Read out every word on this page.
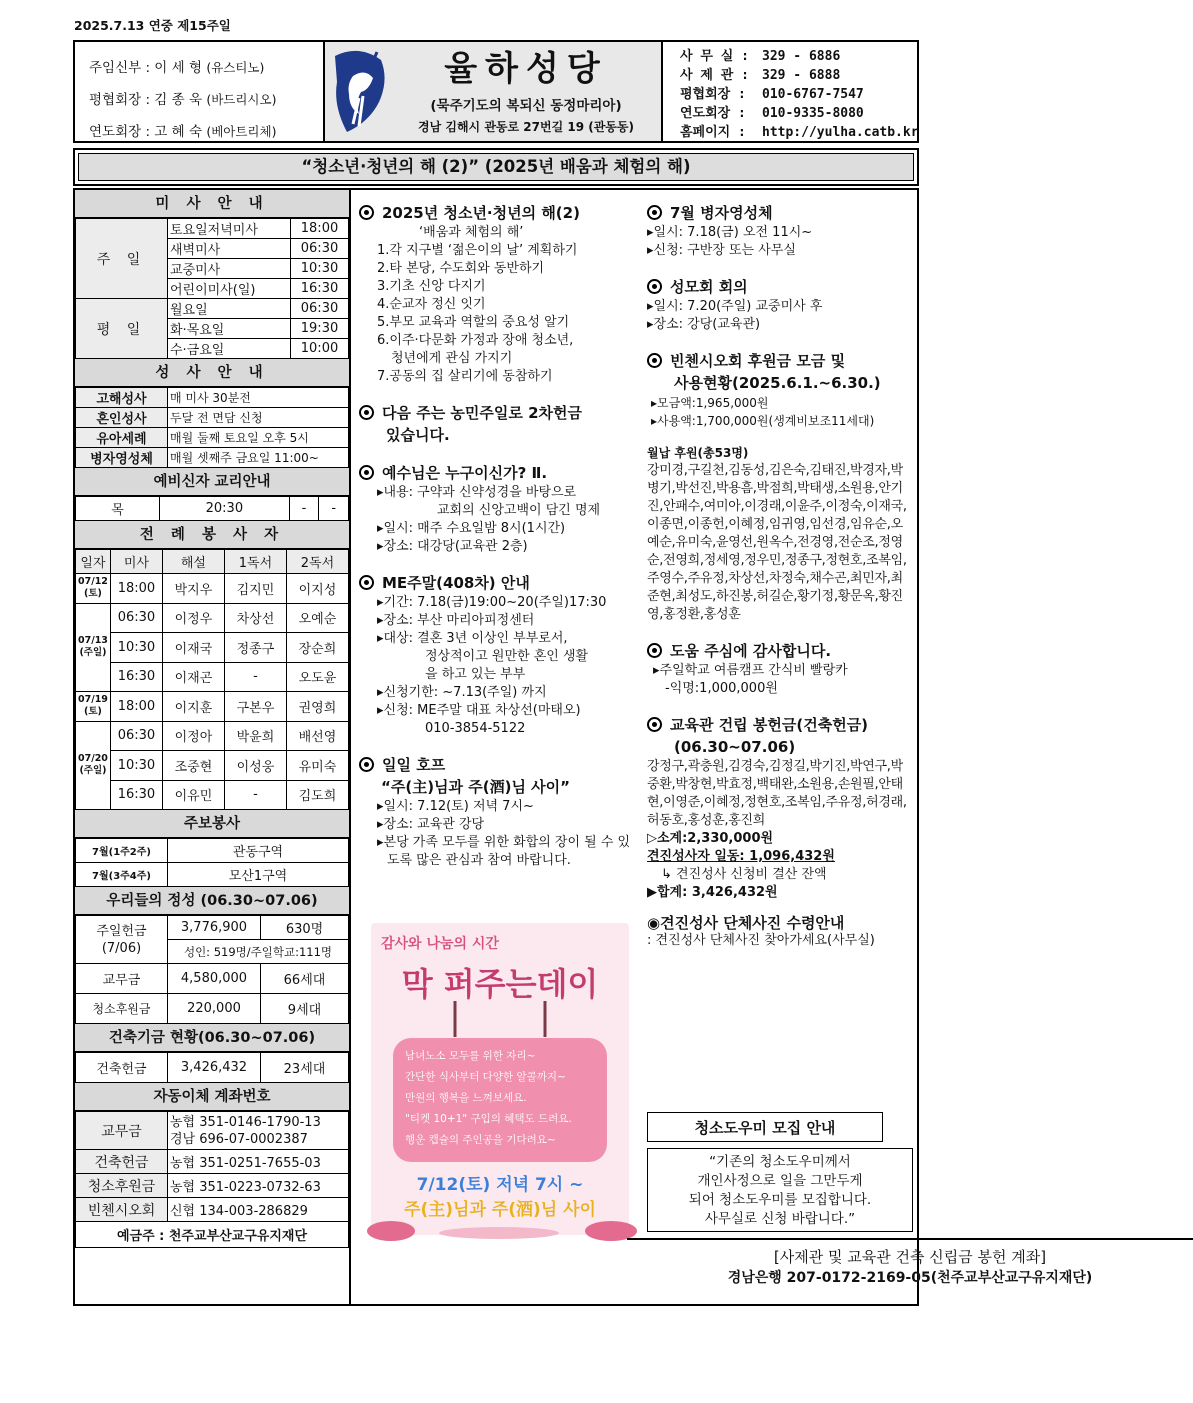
2025.7.13 연중 제15주일
주임신부 : 이 세 형 (유스티노)
평협회장 : 김 종 욱 (바드리시오)
연도회장 : 고 혜 숙 (베아트리체)
율하성당
(묵주기도의 복되신 동정마리아)
경남 김해시 관동로 27번길 19 (관동동)
사 무 실 : 329 - 6886
사 제 관 : 329 - 6888
평협회장 : 010-6767-7547
연도회장 : 010-9335-8080
홈페이지 : http://yulha.catb.kr
“청소년·청년의 해 (2)” (2025년 배움과 체험의 해)
미 사 안 내
주 일	토요일저녁미사	18:00
	새벽미사	06:30
	교중미사	10:30
	어린이미사(일)	16:30
평 일	월요일	06:30
	화·목요일	19:30
	수·금요일	10:00
성 사 안 내
고해성사	매 미사 30분전
혼인성사	두달 전 면담 신청
유아세례	매월 둘째 토요일 오후 5시
병자영성체	매월 셋째주 금요일 11:00~
예비신자 교리안내
목	20:30	-	-
전 례 봉 사 자
일자	미사	해설	1독서	2독서
07/12 (토)	18:00	박지우	김지민	이지성
07/13 (주일)	06:30	이정우	차상선	오예순
	10:30	이재국	정종구	장순희
	16:30	이재곤	-	오도윤
07/19 (토)	18:00	이지훈	구본우	권영희
07/20 (주일)	06:30	이정아	박윤희	배선영
	10:30	조중현	이성웅	유미숙
	16:30	이유민	-	김도희
주보봉사
7월(1주2주)	관동구역
7월(3주4주)	모산1구역
우리들의 정성 (06.30~07.06)
주일헌금
(7/06)	3,776,900	630명
	성인: 519명/주일학교:111명	
교무금	4,580,000	66세대
청소후원금	220,000	9세대
건축기금 현황(06.30~07.06)
건축헌금	3,426,432	23세대
자동이체 계좌번호
교무금	농협 351-0146-1790-13
경남 696-07-0002387
건축헌금	농협 351-0251-7655-03
청소후원금	농협 351-0223-0732-63
빈첸시오회	신협 134-003-286829
예금주 : 천주교부산교구유지재단	
2025년 청소년·청년의 해(2)
‘배움과 체험의 해’
1.각 지구별 ‘젊은이의 날’ 계획하기
2.타 본당, 수도회와 동반하기
3.기초 신앙 다지기
4.순교자 정신 잇기
5.부모 교육과 역할의 중요성 알기
6.이주·다문화 가정과 장애 청소년,
청년에게 관심 가지기
7.공동의 집 살리기에 동참하기
다음 주는 농민주일로 2차헌금
있습니다.
예수님은 누구이신가? Ⅱ.
▸내용: 구약과 신약성경을 바탕으로
교회의 신앙고백이 담긴 명제
▸일시: 매주 수요일밤 8시(1시간)
▸장소: 대강당(교육관 2층)
ME주말(408차) 안내
▸기간: 7.18(금)19:00~20(주일)17:30
▸장소: 부산 마리아피정센터
▸대상: 결혼 3년 이상인 부부로서,
정상적이고 원만한 혼인 생활
을 하고 있는 부부
▸신청기한: ~7.13(주일) 까지
▸신청: ME주말 대표 차상선(마태오)
010-3854-5122
일일 호프
“주(主)님과 주(酒)님 사이”
▸일시: 7.12(토) 저녁 7시~
▸장소: 교육관 강당
▸본당 가족 모두를 위한 화합의 장이 될 수 있도록 많은 관심과 참여 바랍니다.
감사와 나눔의 시간
막 퍼주는데이
남녀노소 모두를 위한 자리~
간단한 식사부터 다양한 알콜까지~
만원의 행복을 느껴보세요.
"티켓 10+1" 구입의 혜택도 드려요.
행운 캡슐의 주인공을 기다려요~
7/12(토) 저녁 7시 ~
주(主)님과 주(酒)님 사이
7월 병자영성체
▸일시: 7.18(금) 오전 11시~
▸신청: 구반장 또는 사무실
성모회 회의
▸일시: 7.20(주일) 교중미사 후
▸장소: 강당(교육관)
빈첸시오회 후원금 모금 및
사용현황(2025.6.1.~6.30.)
▸모금액:1,965,000원
▸사용액:1,700,000원(생계비보조11세대)
월납 후원(총53명)
강미경,구길천,김동성,김은숙,김태진,박경자,박병기,박선진,박용흠,박점희,박태생,소원용,안기진,안패수,여미아,이경래,이윤주,이정숙,이재국,이종면,이종헌,이혜정,임귀영,임선경,임유순,오예순,유미숙,윤영선,원옥수,전경영,전순조,정영순,전영희,정세영,정우민,정종구,정현호,조복임,주영수,주유정,차상선,차정숙,채수곤,최민자,최준현,최성도,하진봉,허길순,황기정,황문옥,황진영,홍정환,홍성훈
도움 주심에 감사합니다.
▸주일학교 여름캠프 간식비 빨랑카
-익명:1,000,000원
교육관 건립 봉헌금(건축헌금)
(06.30~07.06)
강정구,곽충원,김경숙,김정길,박기진,박연구,박중환,박창현,박효정,백태완,소원용,손원필,안태현,이영준,이혜정,정현호,조복임,주유정,허경래,허동호,홍성훈,홍진희
▷소계:2,330,000원
견진성사자 일동: 1,096,432원
↳ 견진성사 신청비 결산 잔액
▶합계: 3,426,432원
◉견진성사 단체사진 수령안내
: 견진성사 단체사진 찾아가세요(사무실)
청소도우미 모집 안내
“기존의 청소도우미께서
개인사정으로 일을 그만두게
되어 청소도우미를 모집합니다.
사무실로 신청 바랍니다.”
[사제관 및 교육관 건축 신립금 봉헌 계좌]
경남은행 207-0172-2169-05(천주교부산교구유지재단)
